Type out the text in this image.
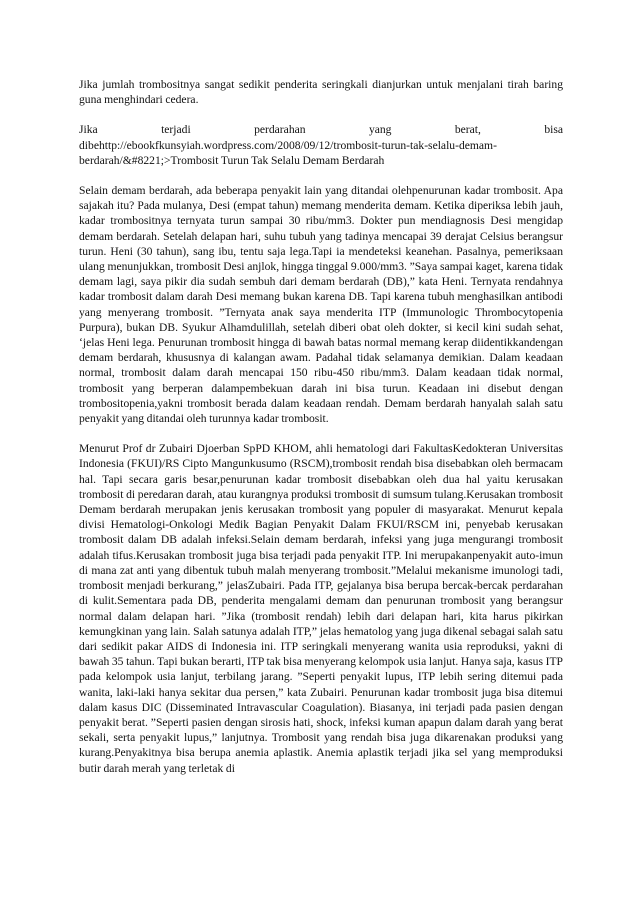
Jika jumlah trombositnya sangat sedikit penderita seringkali dianjurkan untuk menjalani tirah baring guna menghindari cedera.

Jika	terjadi	perdarahan	yang	berat,	bisa
dibehttp://ebookfkunsyiah.wordpress.com/2008/09/12/trombosit-turun-tak-selalu-demam-
berdarah/&#8221;>Trombosit Turun Tak Selalu Demam Berdarah

Selain demam berdarah, ada beberapa penyakit lain yang ditandai olehpenurunan kadar trombosit. Apa sajakah itu? Pada mulanya, Desi (empat tahun) memang menderita demam. Ketika diperiksa lebih jauh, kadar trombositnya ternyata turun sampai 30 ribu/mm3. Dokter pun mendiagnosis Desi mengidap demam berdarah. Setelah delapan hari, suhu tubuh yang tadinya mencapai 39 derajat Celsius berangsur turun. Heni (30 tahun), sang ibu, tentu saja lega.Tapi ia mendeteksi keanehan. Pasalnya, pemeriksaan ulang menunjukkan, trombosit Desi anjlok, hingga tinggal 9.000/mm3. ”Saya sampai kaget, karena tidak demam lagi, saya pikir dia sudah sembuh dari demam berdarah (DB),” kata Heni. Ternyata rendahnya kadar trombosit dalam darah Desi memang bukan karena DB. Tapi karena tubuh menghasilkan antibodi yang menyerang trombosit. ”Ternyata anak saya menderita ITP (Immunologic Thrombocytopenia Purpura), bukan DB. Syukur Alhamdulillah, setelah diberi obat oleh dokter, si kecil kini sudah sehat, ‘jelas Heni lega. Penurunan trombosit hingga di bawah batas normal memang kerap diidentikkandengan demam berdarah, khususnya di kalangan awam. Padahal tidak selamanya demikian. Dalam keadaan normal, trombosit dalam darah mencapai 150 ribu-450 ribu/mm3. Dalam keadaan tidak normal, trombosit yang berperan dalampembekuan darah ini bisa turun. Keadaan ini disebut dengan trombositopenia,yakni trombosit berada dalam keadaan rendah. Demam berdarah hanyalah salah satu penyakit yang ditandai oleh turunnya kadar trombosit.

Menurut Prof dr Zubairi Djoerban SpPD KHOM, ahli hematologi dari FakultasKedokteran Universitas Indonesia (FKUI)/RS Cipto Mangunkusumo (RSCM),trombosit rendah bisa disebabkan oleh bermacam hal. Tapi secara garis besar,penurunan kadar trombosit disebabkan oleh dua hal yaitu kerusakan trombosit di peredaran darah, atau kurangnya produksi trombosit di sumsum tulang.Kerusakan trombosit Demam berdarah merupakan jenis kerusakan trombosit yang populer di masyarakat. Menurut kepala divisi Hematologi-Onkologi Medik Bagian Penyakit Dalam FKUI/RSCM ini, penyebab kerusakan trombosit dalam DB adalah infeksi.Selain demam berdarah, infeksi yang juga mengurangi trombosit adalah tifus.Kerusakan trombosit juga bisa terjadi pada penyakit ITP. Ini merupakanpenyakit auto-imun di mana zat anti yang dibentuk tubuh malah menyerang trombosit.”Melalui mekanisme imunologi tadi, trombosit menjadi berkurang,” jelasZubairi. Pada ITP, gejalanya bisa berupa bercak-bercak perdarahan di kulit.Sementara pada DB, penderita mengalami demam dan penurunan trombosit yang berangsur normal dalam delapan hari. ”Jika (trombosit rendah) lebih dari delapan hari, kita harus pikirkan kemungkinan yang lain. Salah satunya adalah ITP,” jelas hematolog yang juga dikenal sebagai salah satu dari sedikit pakar AIDS di Indonesia ini. ITP seringkali menyerang wanita usia reproduksi, yakni di bawah 35 tahun. Tapi bukan berarti, ITP tak bisa menyerang kelompok usia lanjut. Hanya saja, kasus ITP pada kelompok usia lanjut, terbilang jarang. ”Seperti penyakit lupus, ITP lebih sering ditemui pada wanita, laki-laki hanya sekitar dua persen,” kata Zubairi. Penurunan kadar trombosit juga bisa ditemui dalam kasus DIC (Disseminated Intravascular Coagulation). Biasanya, ini terjadi pada pasien dengan penyakit berat. ”Seperti pasien dengan sirosis hati, shock, infeksi kuman apapun dalam darah yang berat sekali, serta penyakit lupus,” lanjutnya. Trombosit yang rendah bisa juga dikarenakan produksi yang kurang.Penyakitnya bisa berupa anemia aplastik. Anemia aplastik terjadi jika sel yang memproduksi butir darah merah yang terletak di
